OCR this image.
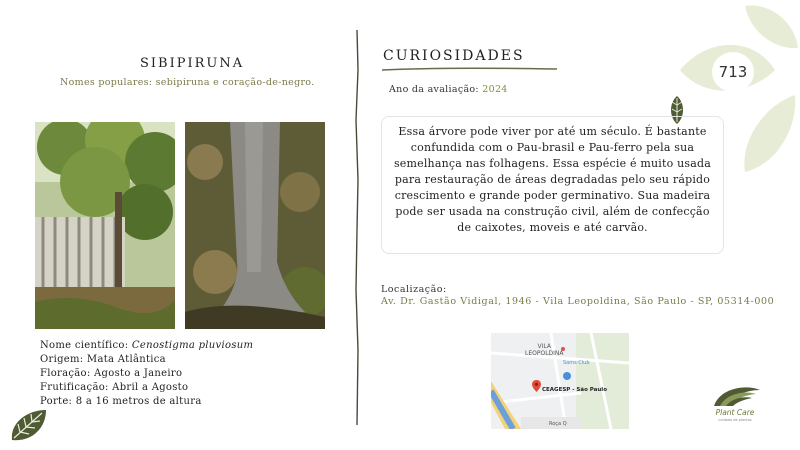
713
SIBIPIRUNA
Nomes populares: sebipiruna e coração-de-negro.
Nome científico: Cenostigma pluviosum
Origem: Mata Atlântica
Floração: Agosto a Janeiro
Frutificação: Abril a Agosto
Porte: 8 a 16 metros de altura
CURIOSIDADES
Ano da avaliação: 2024
Essa árvore pode viver por até um século. É bastante confundida com o Pau-brasil e Pau-ferro pela sua semelhança nas folhagens. Essa espécie é muito usada para restauração de áreas degradadas pelo seu rápido crescimento e grande poder germinativo. Sua madeira pode ser usada na construção civil, além de confecção de caixotes, moveis e até carvão.
Localização:
Av. Dr. Gastão Vidigal, 1946 - Vila Leopoldina, São Paulo - SP, 05314-000
VILA
LEOPOLDINA
Sams Club
CEAGESP - São Paulo
Roça Q
Plant Care
cuidado de plantas
